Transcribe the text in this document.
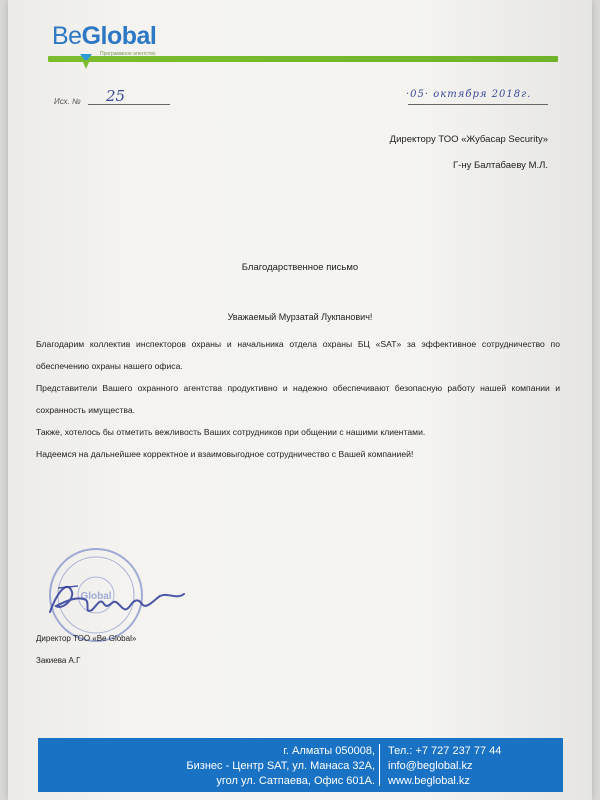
BeGlobal
Программное агентство
Исх. № 25	·05· октября 2018г.
Директору ТОО «Жубасар Security»
Г-ну Балтабаеву М.Л.
Благодарственное письмо
Уважаемый Мурзатай Лукпанович!
Благодарим коллектив инспекторов охраны и начальника отдела охраны БЦ «SAT» за эффективное сотрудничество по обеспечению охраны нашего офиса.
Представители Вашего охранного агентства продуктивно и надежно обеспечивают безопасную работу нашей компании и сохранность имущества.
Также, хотелось бы отметить вежливость Ваших сотрудников при общении с нашими клиентами.
Надеемся на дальнейшее корректное и взаимовыгодное сотрудничество с Вашей компанией!
Global
Директор ТОО «Be Global»
Закиева А.Г
г. Алматы 050008,
Бизнес - Центр SAT, ул. Манаса 32А,
угол ул. Сатпаева, Офис 601А.
Тел.: +7 727 237 77 44
info@beglobal.kz
www.beglobal.kz
